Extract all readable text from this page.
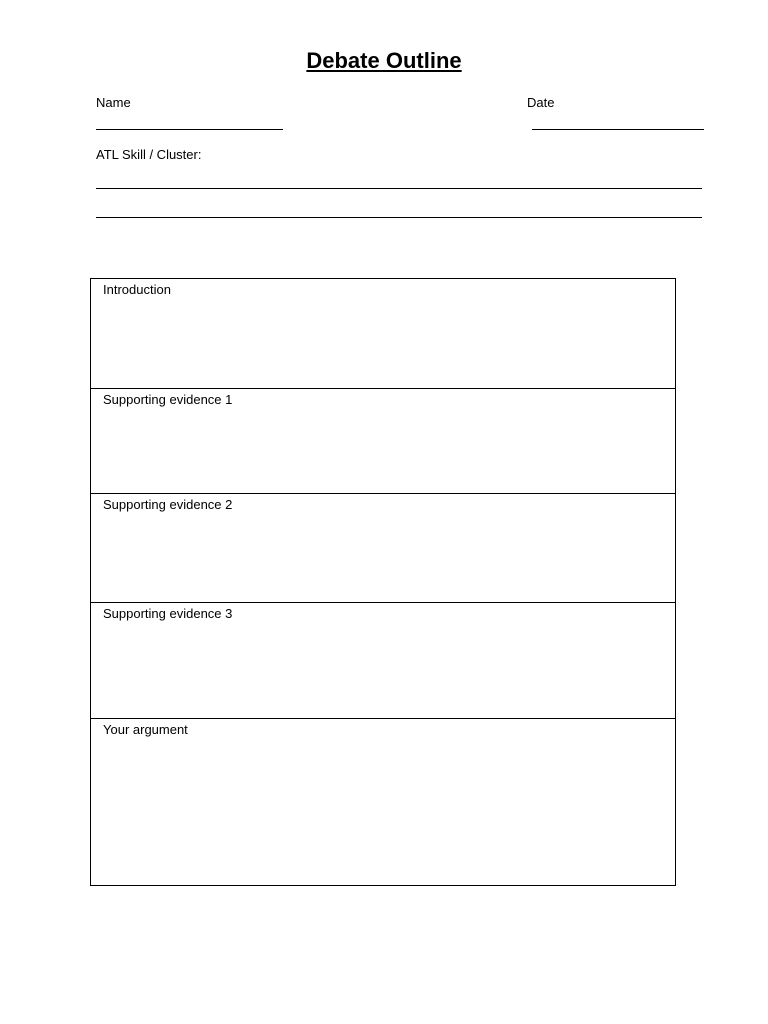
Debate Outline
Name	Date
ATL Skill / Cluster:
Introduction
Supporting evidence 1
Supporting evidence 2
Supporting evidence 3
Your argument
